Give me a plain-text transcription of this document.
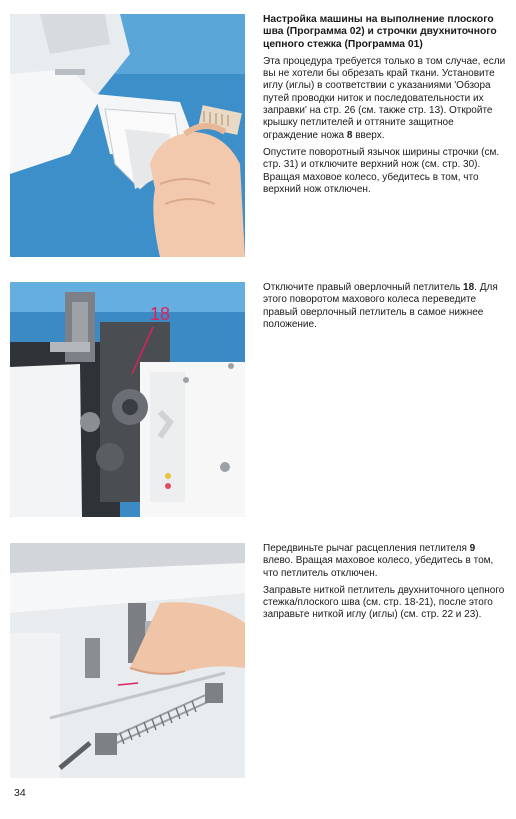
Настройка машины на выполнение плоского шва (Программа 02) и строчки двухниточного цепного стежка (Программа 01)

Эта процедура требуется только в том случае, если вы не хотели бы обрезать край ткани. Установите иглу (иглы) в соответствии с указаниями 'Обзора путей проводки ниток и последовательности их заправки' на стр. 26 (см. также стр. 13). Откройте крышку петлителей и оттяните защитное ограждение ножа 8 вверх.

Опустите поворотный язычок ширины строчки (см. стр. 31) и отключите верхний нож (см. стр. 30). Вращая маховое колесо, убедитесь в том, что верхний нож отключен.

18

Отключите правый оверлочный петлитель 18. Для этого поворотом махового колеса переведите правый оверлочный петлитель в самое нижнее положение.

Передвиньте рычаг расцепления петлителя 9 влево. Вращая маховое колесо, убедитесь в том, что петлитель отключен.

Заправьте ниткой петлитель двухниточного цепного стежка/плоского шва (см. стр. 18-21), после этого заправьте ниткой иглу (иглы) (см. стр. 22 и 23).

34
